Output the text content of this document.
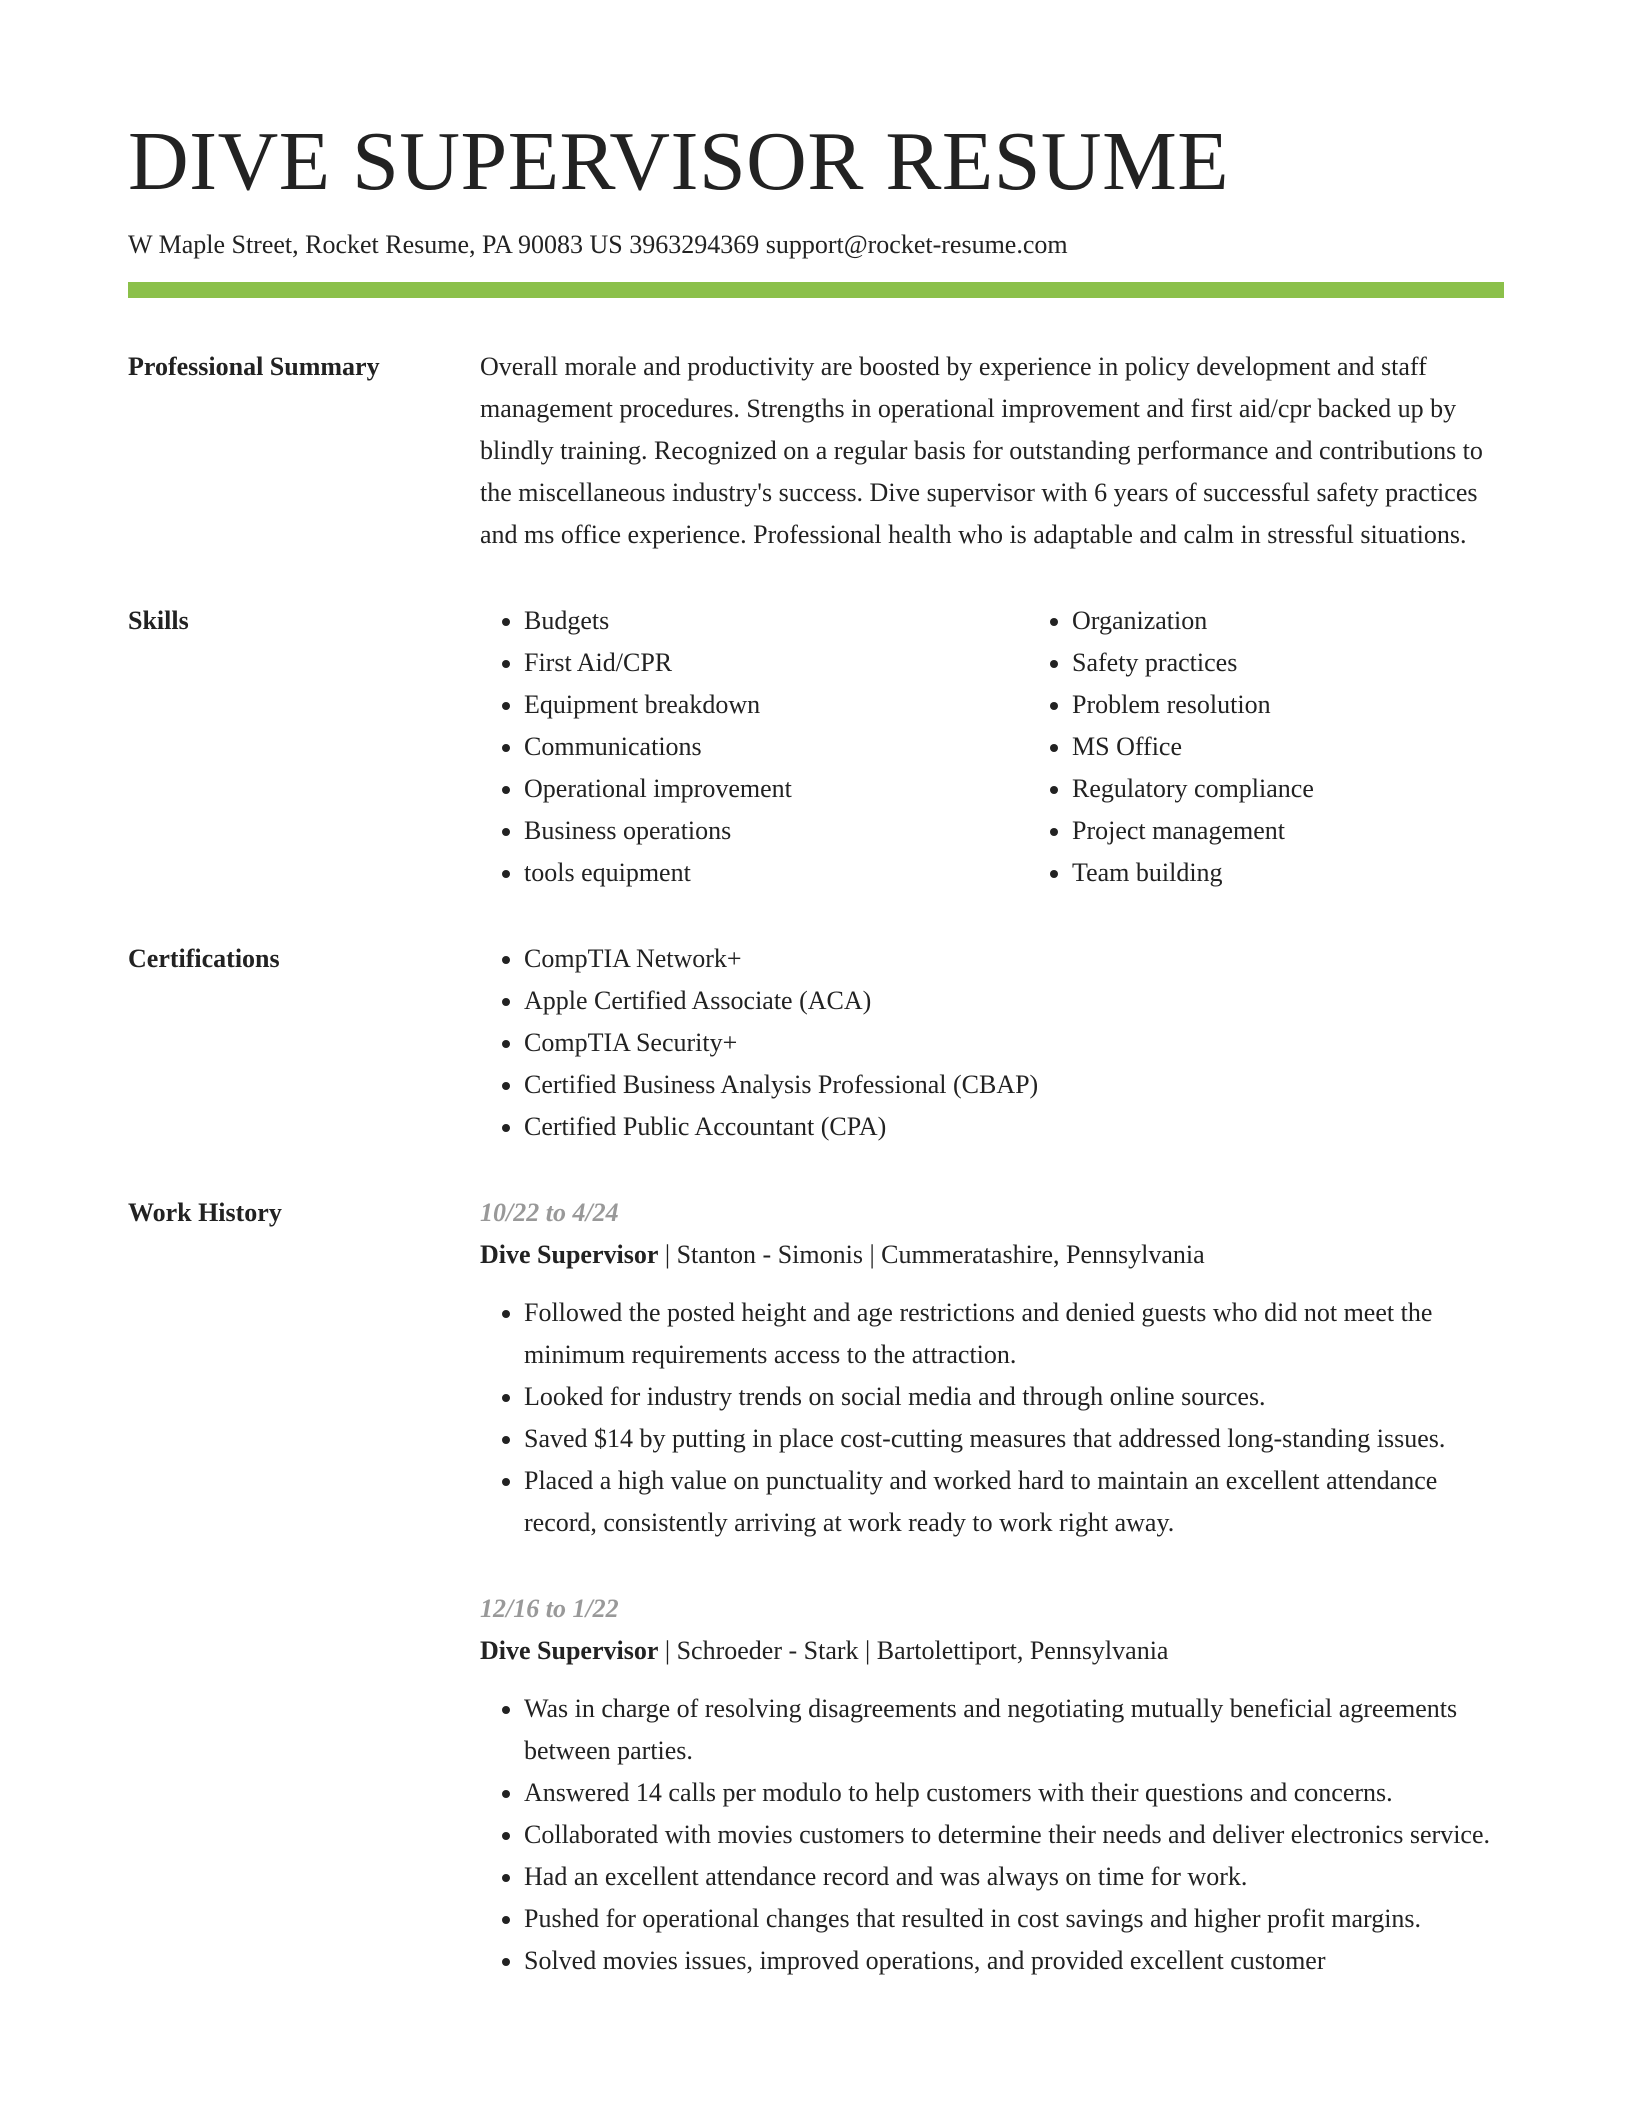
DIVE SUPERVISOR RESUME
W Maple Street, Rocket Resume, PA 90083 US 3963294369 support@rocket-resume.com
Professional Summary	Overall morale and productivity are boosted by experience in policy development and staff management procedures. Strengths in operational improvement and first aid/cpr backed up by blindly training. Recognized on a regular basis for outstanding performance and contributions to the miscellaneous industry's success. Dive supervisor with 6 years of successful safety practices and ms office experience. Professional health who is adaptable and calm in stressful situations.

Skills	• Budgets
• First Aid/CPR
• Equipment breakdown
• Communications
• Operational improvement
• Business operations
• tools equipment
• Organization
• Safety practices
• Problem resolution
• MS Office
• Regulatory compliance
• Project management
• Team building
Certifications	• CompTIA Network+
• Apple Certified Associate (ACA)
• CompTIA Security+
• Certified Business Analysis Professional (CBAP)
• Certified Public Accountant (CPA)
Work History	10/22 to 4/24
Dive Supervisor | Stanton - Simonis | Cummeratashire, Pennsylvania
• Followed the posted height and age restrictions and denied guests who did not meet the minimum requirements access to the attraction.
• Looked for industry trends on social media and through online sources.
• Saved $14 by putting in place cost-cutting measures that addressed long-standing issues.
• Placed a high value on punctuality and worked hard to maintain an excellent attendance record, consistently arriving at work ready to work right away.
12/16 to 1/22
Dive Supervisor | Schroeder - Stark | Bartolettiport, Pennsylvania
• Was in charge of resolving disagreements and negotiating mutually beneficial agreements between parties.
• Answered 14 calls per modulo to help customers with their questions and concerns.
• Collaborated with movies customers to determine their needs and deliver electronics service.
• Had an excellent attendance record and was always on time for work.
• Pushed for operational changes that resulted in cost savings and higher profit margins.
• Solved movies issues, improved operations, and provided excellent customer
